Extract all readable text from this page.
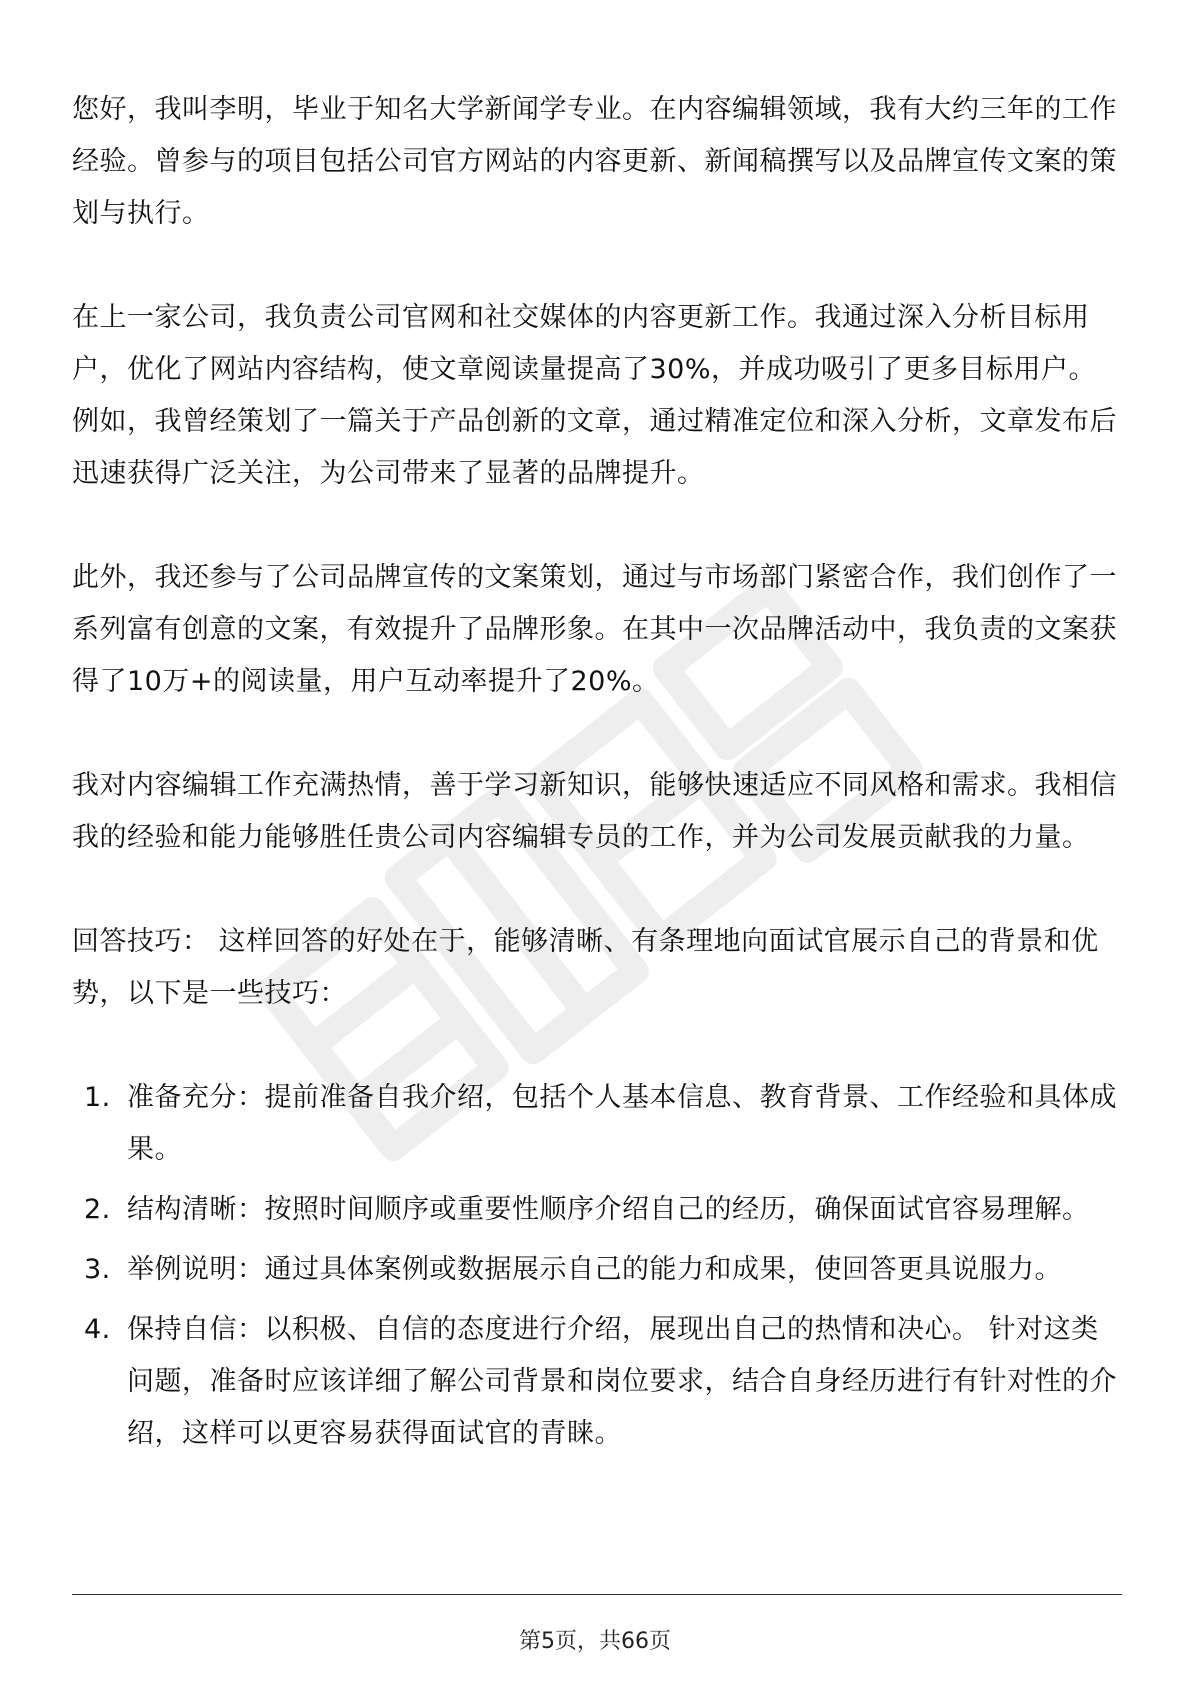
您好，我叫李明，毕业于知名大学新闻学专业。在内容编辑领域，我有大约三年的工作经验。曾参与的项目包括公司官方网站的内容更新、新闻稿撰写以及品牌宣传文案的策划与执行。

在上一家公司，我负责公司官网和社交媒体的内容更新工作。我通过深入分析目标用户，优化了网站内容结构，使文章阅读量提高了30%，并成功吸引了更多目标用户。例如，我曾经策划了一篇关于产品创新的文章，通过精准定位和深入分析，文章发布后迅速获得广泛关注，为公司带来了显著的品牌提升。

此外，我还参与了公司品牌宣传的文案策划，通过与市场部门紧密合作，我们创作了一系列富有创意的文案，有效提升了品牌形象。在其中一次品牌活动中，我负责的文案获得了10万+的阅读量，用户互动率提升了20%。

我对内容编辑工作充满热情，善于学习新知识，能够快速适应不同风格和需求。我相信我的经验和能力能够胜任贵公司内容编辑专员的工作，并为公司发展贡献我的力量。

回答技巧： 这样回答的好处在于，能够清晰、有条理地向面试官展示自己的背景和优势，以下是一些技巧：

1. 准备充分：提前准备自我介绍，包括个人基本信息、教育背景、工作经验和具体成果。
2. 结构清晰：按照时间顺序或重要性顺序介绍自己的经历，确保面试官容易理解。
3. 举例说明：通过具体案例或数据展示自己的能力和成果，使回答更具说服力。
4. 保持自信：以积极、自信的态度进行介绍，展现出自己的热情和决心。 针对这类问题，准备时应该详细了解公司背景和岗位要求，结合自身经历进行有针对性的介绍，这样可以更容易获得面试官的青睐。
第5页，共66页
